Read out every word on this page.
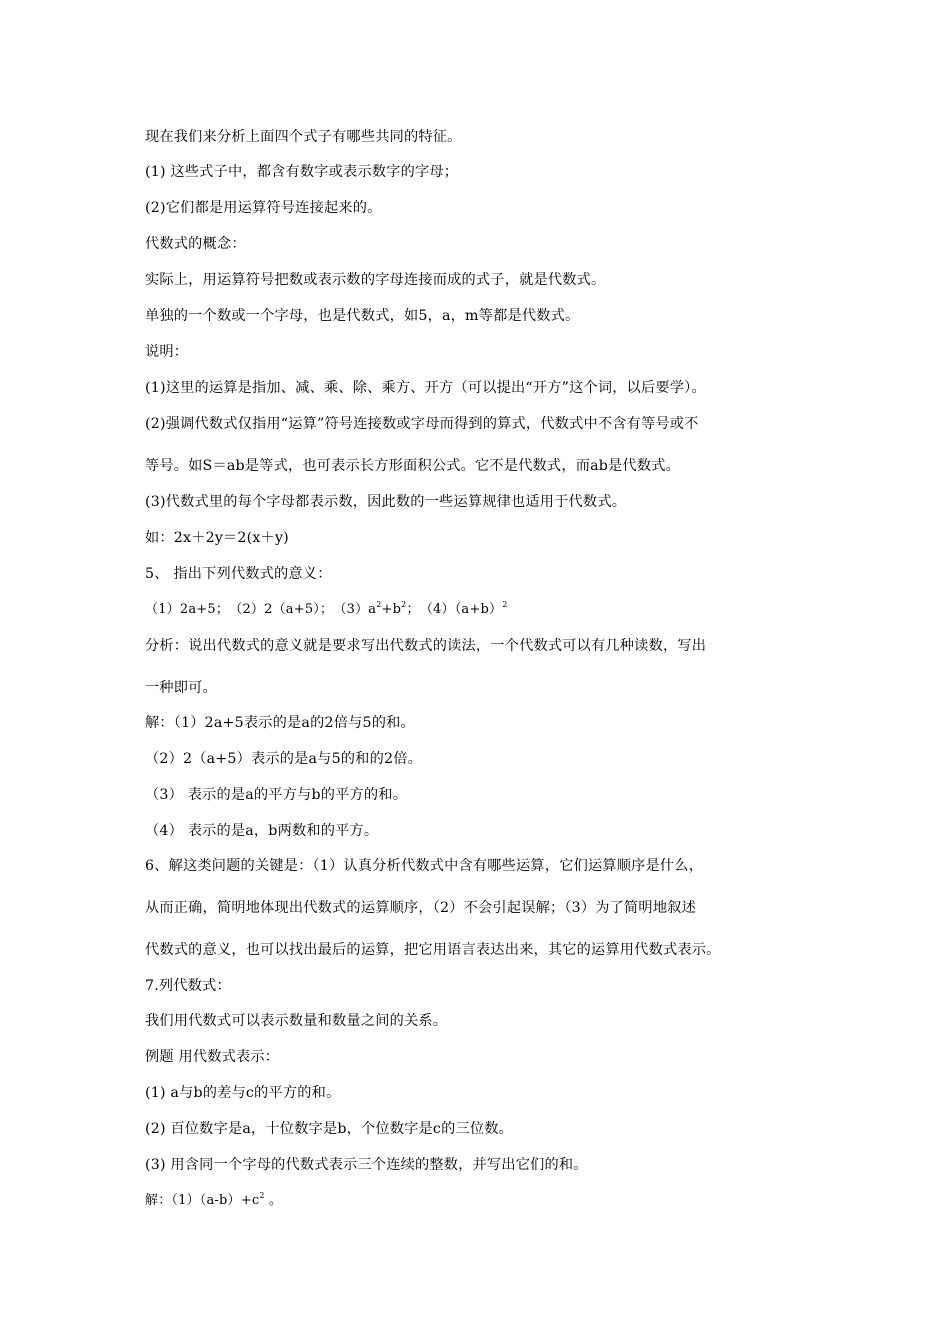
现在我们来分析上面四个式子有哪些共同的特征。
(1) 这些式子中，都含有数字或表示数字的字母；
(2)它们都是用运算符号连接起来的。
代数式的概念：
实际上，用运算符号把数或表示数的字母连接而成的式子，就是代数式。
单独的一个数或一个字母，也是代数式，如5，a，m等都是代数式。
说明：
(1)这里的运算是指加、减、乘、除、乘方、开方（可以提出“开方”这个词，以后要学）。
(2)强调代数式仅指用“运算”符号连接数或字母而得到的算式，代数式中不含有等号或不
等号。如S＝ab是等式，也可表示长方形面积公式。它不是代数式，而ab是代数式。
(3)代数式里的每个字母都表示数，因此数的一些运算规律也适用于代数式。
如：2x＋2y＝2(x＋y)
5、 指出下列代数式的意义：
（1）2a+5；　（2）2（a+5）；　$(3)a^2+b^2$；　$(4)(a+b)^2$
分析：说出代数式的意义就是要求写出代数式的读法，一个代数式可以有几种读数，写出
一种即可。
解：（1）2a+5表示的是a的2倍与5的和。
（2）2（a+5）表示的是a与5的和的2倍。
（3） 表示的是a的平方与b的平方的和。
（4） 表示的是a，b两数和的平方。
6、解这类问题的关键是：（1）认真分析代数式中含有哪些运算，它们运算顺序是什么，
从而正确，简明地体现出代数式的运算顺序，（2）不会引起误解；（3）为了简明地叙述
代数式的意义，也可以找出最后的运算，把它用语言表达出来，其它的运算用代数式表示。
7.列代数式：
我们用代数式可以表示数量和数量之间的关系。
例题 用代数式表示：
(1) a与b的差与c的平方的和。
(2) 百位数字是a，十位数字是b，个位数字是c的三位数。
(3) 用含同一个字母的代数式表示三个连续的整数，并写出它们的和。
解：$(1)(a-b)+c^2$ 。
